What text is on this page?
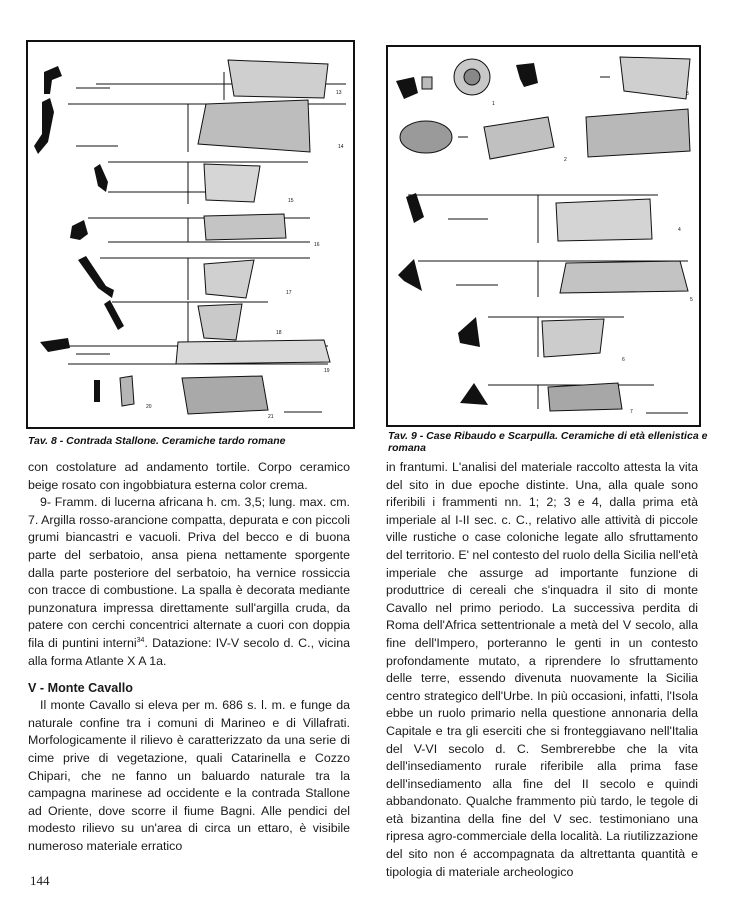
13
14
15
16
17
18
19
20
21
Tav. 8 - Contrada Stallone. Ceramiche tardo romane
1
2
3
4
5
6
7
Tav. 9 - Case Ribaudo e Scarpulla. Ceramiche di età ellenistica e romana

con costolature ad andamento tortile. Corpo ceramico beige rosato con ingobbiatura esterna color crema.

9- Framm. di lucerna africana h. cm. 3,5; lung. max. cm. 7. Argilla rosso-arancione compatta, depurata e con piccoli grumi biancastri e vacuoli. Priva del becco e di buona parte del serbatoio, ansa piena nettamente sporgente dalla parte posteriore del serbatoio, ha vernice rossiccia con tracce di combustione. La spalla è decorata mediante punzonatura impressa direttamente sull'argilla cruda, da patere con cerchi concentrici alternate a cuori con doppia fila di puntini interni$^{34}$. Datazione: IV-V secolo d. C., vicina alla forma Atlante X A 1a.

V - Monte Cavallo

Il monte Cavallo si eleva per m. 686 s. l. m. e funge da naturale confine tra i comuni di Marineo e di Villafrati. Morfologicamente il rilievo è caratterizzato da una serie di cime prive di vegetazione, quali Catarinella e Cozzo Chipari, che ne fanno un baluardo naturale tra la campagna marinese ad occidente e la contrada Stallone ad Oriente, dove scorre il fiume Bagni. Alle pendici del modesto rilievo su un'area di circa un ettaro, è visibile numeroso materiale erratico

in frantumi. L'analisi del materiale raccolto attesta la vita del sito in due epoche distinte. Una, alla quale sono riferibili i frammenti nn. 1; 2; 3 e 4, dalla prima età imperiale al I-II sec. c. C., relativo alle attività di piccole ville rustiche o case coloniche legate allo sfruttamento del territorio. E' nel contesto del ruolo della Sicilia nell'età imperiale che assurge ad importante funzione di produttrice di cereali che s'inquadra il sito di monte Cavallo nel primo periodo. La successiva perdita di Roma dell'Africa settentrionale a metà del V secolo, alla fine dell'Impero, porteranno le genti in un contesto profondamente mutato, a riprendere lo sfruttamento delle terre, essendo divenuta nuovamente la Sicilia centro strategico dell'Urbe. In più occasioni, infatti, l'Isola ebbe un ruolo primario nella questione annonaria della Capitale e tra gli eserciti che si fronteggiavano nell'Italia del V-VI secolo d. C. Sembrerebbe che la vita dell'insediamento rurale riferibile alla prima fase dell'insediamento alla fine del II secolo e quindi abbandonato. Qualche frammento più tardo, le tegole di età bizantina della fine del V sec. testimoniano una ripresa agro-commerciale della località. La riutilizzazione del sito non é accompagnata da altrettanta quantità e tipologia di materiale archeologico

144
